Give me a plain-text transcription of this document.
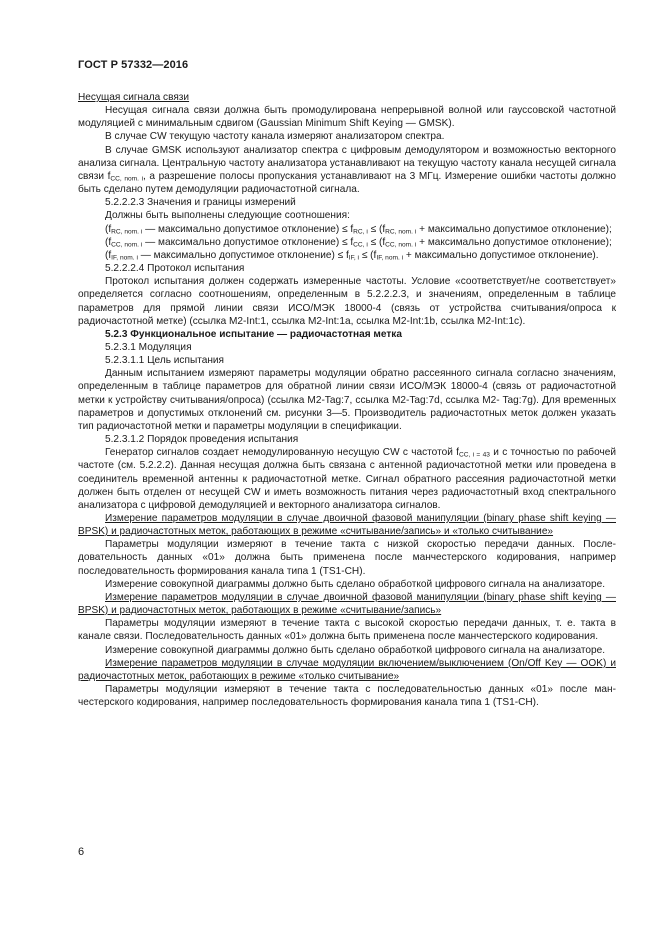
ГОСТ Р 57332—2016

Несущая сигнала связи

Несущая сигнала связи должна быть промодулирована непрерывной волной или гауссовской частотной модуляцией с минимальным сдвигом (Gaussian Minimum Shift Keying — GMSK).

В случае CW текущую частоту канала измеряют анализатором спектра.

В случае GMSK используют анализатор спектра с цифровым демодулятором и возможностью векторного анализа сигнала. Центральную частоту анализатора устанавливают на текущую частоту канала несущей сигнала связи $f_{CC, nom. i}$, а разрешение полосы пропускания устанавливают на 3 МГц. Измерение ошибки частоты должно быть сделано путем демодуляции радиочастотной сигнала.

5.2.2.2.3 Значения и границы измерений

Должны быть выполнены следующие соотношения:

($f_{RC, nom. i}$ — максимально допустимое отклонение) ≤ $f_{RC, i} \le (f_{RC, nom. i}$ + максимально допустимое отклонение);

($f_{CC, nom. i}$ — максимально допустимое отклонение) ≤ $f_{CC, i} \le (f_{CC, nom. i}$ + максимально допустимое отклонение);

($f_{IF, nom. i}$ — максимально допустимое отклонение) ≤ $f_{IF, i} \le (f_{IF, nom. i}$ + максимально допустимое отклонение).

5.2.2.2.4 Протокол испытания

Протокол испытания должен содержать измеренные частоты. Условие «соответствует/не соответствует» определяется согласно соотношениям, определенным в 5.2.2.2.3, и значениям, определенным в таблице параметров для прямой линии связи ИСО/МЭК 18000-4 (связь от устройства считывания/опроса к радиочастотной метке) (ссылка M2-Int:1, ссылка M2-Int:1a, ссылка M2-Int:1b, ссылка M2-Int:1c).

5.2.3 Функциональное испытание — радиочастотная метка

5.2.3.1 Модуляция

5.2.3.1.1 Цель испытания

Данным испытанием измеряют параметры модуляции обратно рассеянного сигнала согласно значениям, определенным в таблице параметров для обратной линии связи ИСО/МЭК 18000-4 (связь от радиочастотной метки к устройству считывания/опроса) (ссылка M2-Tag:7, ссылка M2-Tag:7d, ссылка M2- Tag:7g). Для временных параметров и допустимых отклонений см. рисунки 3—5. Производитель радиочастотных меток должен указать тип радиочастотной метки и параметры модуляции в спецификации.

5.2.3.1.2 Порядок проведения испытания

Генератор сигналов создает немодулированную несущую CW с частотой $f_{CC, i = 43}$ и с точностью по рабочей частоте (см. 5.2.2.2). Данная несущая должна быть связана с антенной радиочастотной метки или проведена в соединитель временной антенны к радиочастотной метке. Сигнал обратного рассеяния радиочастотной метки должен быть отделен от несущей CW и иметь возможность питания через радиочастотный вход спектрального анализатора с цифровой демодуляцией и векторного анализатора сигналов.

Измерение параметров модуляции в случае двоичной фазовой манипуляции (binary phase shift keying — BPSK) и радиочастотных меток, работающих в режиме «считывание/запись» и «только считывание»

Параметры модуляции измеряют в течение такта с низкой скоростью передачи данных. Последовательность данных «01» должна быть применена после манчестерского кодирования, например последовательность формирования канала типа 1 (TS1-CH).

Измерение совокупной диаграммы должно быть сделано обработкой цифрового сигнала на анализаторе.

Измерение параметров модуляции в случае двоичной фазовой манипуляции (binary phase shift keying — BPSK) и радиочастотных меток, работающих в режиме «считывание/запись»

Параметры модуляции измеряют в течение такта с высокой скоростью передачи данных, т. е. такта в канале связи. Последовательность данных «01» должна быть применена после манчестерского кодирования.

Измерение совокупной диаграммы должно быть сделано обработкой цифрового сигнала на анализаторе.

Измерение параметров модуляции в случае модуляции включением/выключением (On/Off Key — OOK) и радиочастотных меток, работающих в режиме «только считывание»

Параметры модуляции измеряют в течение такта с последовательностью данных «01» после манчестерского кодирования, например последовательность формирования канала типа 1 (TS1-CH).

6
